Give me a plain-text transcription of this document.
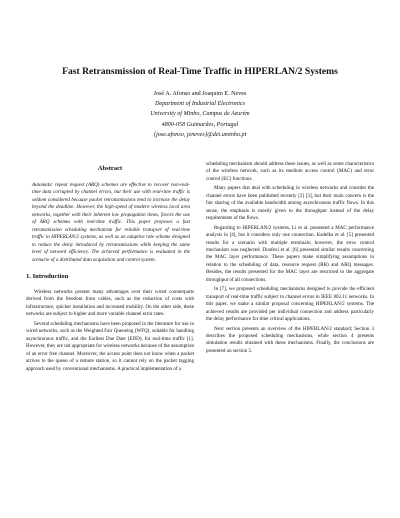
Fast Retransmission of Real-Time Traffic in HIPERLAN/2 Systems
José A. Afonso and Joaquim E. Neves
Department of Industrial Electronics
University of Minho, Campus de Azurém
4800-058 Guimarães, Portugal
{jose.afonso, jeneves}@dei.uminho.pt
Abstract

Automatic repeat request (ARQ) schemes are effective to recover non-real-time data corrupted by channel errors, but their use with real-time traffic is seldom considered because packet retransmissions tend to increase the delay beyond the deadline. However, the high-speed of modern wireless local area networks, together with their inherent low propagation times, favors the use of ARQ schemes with real-time traffic. This paper proposes a fast retransmission scheduling mechanism for reliable transport of real-time traffic in HIPERLAN/2 systems, as well as an adaptive rate scheme designed to reduce the delay introduced by retransmissions while keeping the same level of network efficiency. The achieved performance is evaluated in the scenario of a distributed data acquisition and control system.

1. Introduction

Wireless networks present many advantages over their wired counterparts derived from the freedom from cables, such as the reduction of costs with infrastructure, quicker installation and increased mobility. On the other side, these networks are subject to higher and more variable channel error rates.

Several scheduling mechanisms have been proposed in the literature for use in wired networks, such as the Weighted Fair Queueing (WFQ), suitable for handling asynchronous traffic, and the Earliest Due Date (EDD), for real-time traffic [1]. However, they are not appropriate for wireless networks because of the assumption of an error free channel. Moreover, the access point does not know when a packet arrives to the queue of a remote station, so it cannot rely on the packet tagging approach used by conventional mechanisms. A practical implementation of a

scheduling mechanism should address these issues, as well as some characteristics of the wireless network, such as its medium access control (MAC) and error control (EC) functions.

Many papers that deal with scheduling in wireless networks and consider the channel errors have been published recently [2] [3], but their main concern is the fair sharing of the available bandwidth among asynchronous traffic flows. In this sense, the emphasis is mostly given to the throughput instead of the delay requirements of the flows.

Regarding to HIPERLAN/2 systems, Li et al. presented a MAC performance analysis in [4], but it considers only one connection. Kadelka et al. [5] presented results for a scenario with multiple terminals; however, the error control mechanism was neglected. Doufexi et al. [6] presented similar results concerning the MAC layer performance. These papers make simplifying assumptions in relation to the scheduling of data, resource request (RR) and ARQ messages. Besides, the results presented for the MAC layer are restricted to the aggregate throughput of all connections.

In [7], we proposed scheduling mechanisms designed to provide the efficient transport of real-time traffic subject to channel errors in IEEE 802.11 networks. In this paper, we make a similar proposal concerning HIPERLAN/2 systems. The achieved results are provided per individual connection and address particularly the delay performance for time critical applications.

Next section presents an overview of the HIPERLAN/2 standard; Section 3 describes the proposed scheduling mechanisms, while section 4 presents simulation results obtained with these mechanisms. Finally, the conclusions are presented on section 5.
